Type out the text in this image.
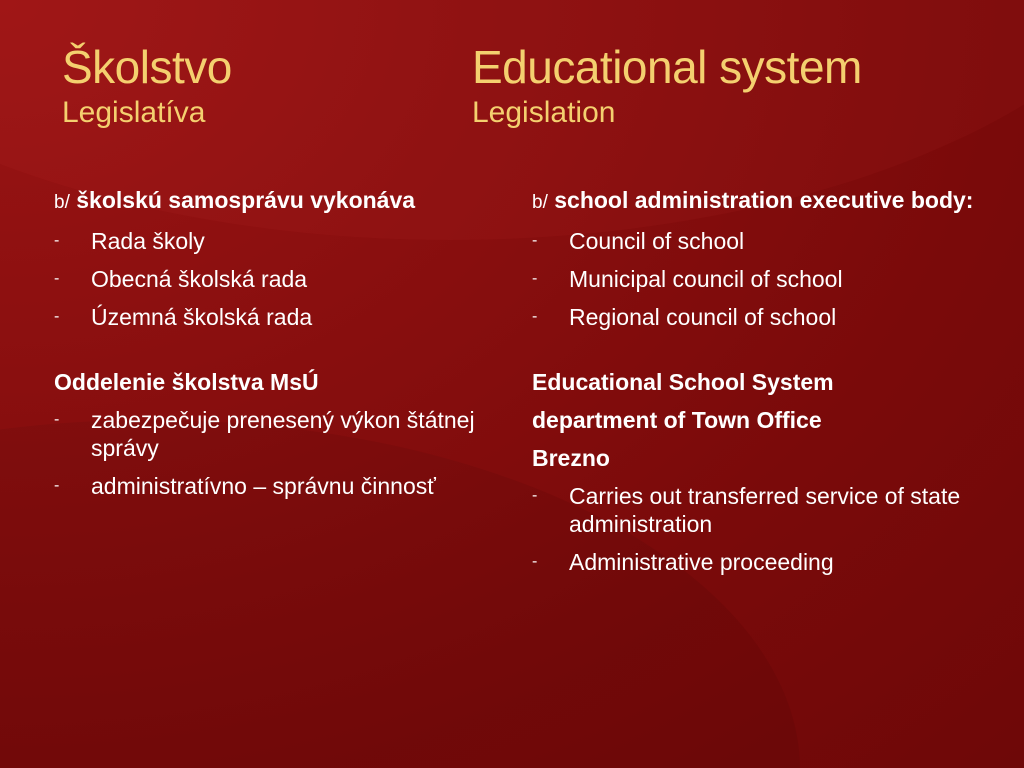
Školstvo
Legislatíva
Educational system
Legislation
b/ školskú samosprávu vykonáva
- Rada školy
- Obecná školská rada
- Územná školská rada
Oddelenie školstva MsÚ
- zabezpečuje prenesený výkon štátnej správy
- administratívno – správnu činnosť
b/ school administration executive body:
- Council of school
- Municipal council of school
- Regional council of school
Educational School System
department of Town Office
Brezno
- Carries out transferred service of state administration
- Administrative proceeding
